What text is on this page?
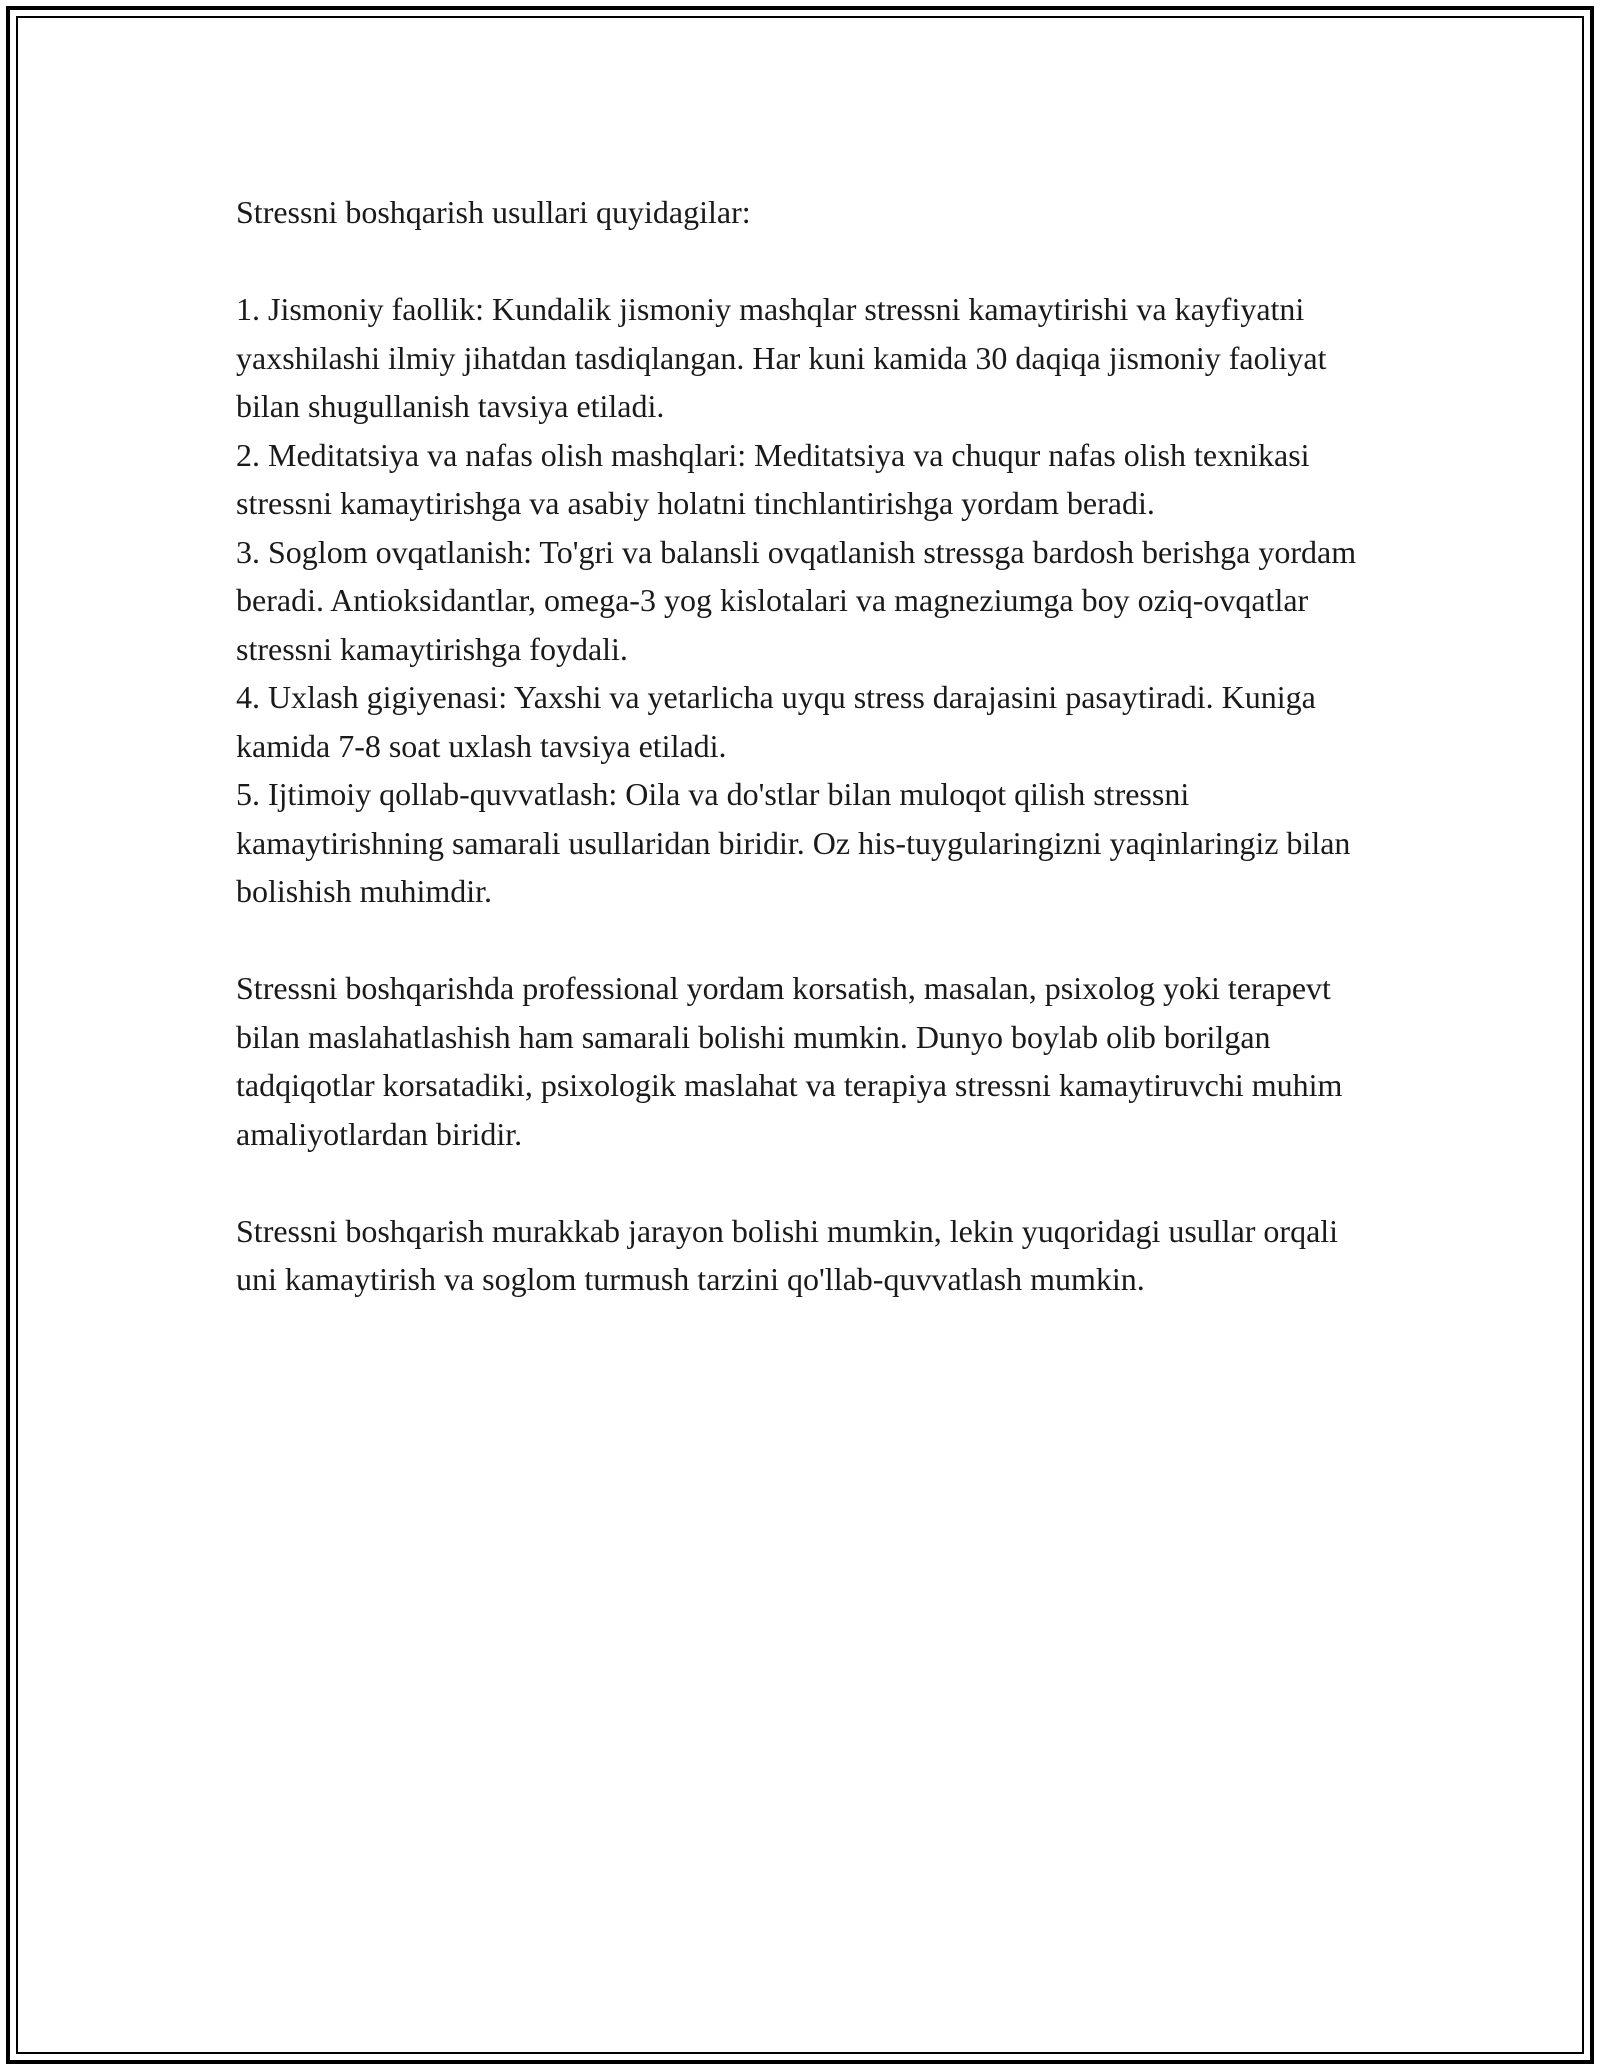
Stressni boshqarish usullari quyidagilar:

1. Jismoniy faollik: Kundalik jismoniy mashqlar stressni kamaytirishi va kayfiyatni yaxshilashi ilmiy jihatdan tasdiqlangan. Har kuni kamida 30 daqiqa jismoniy faoliyat bilan shugullanish tavsiya etiladi.

2. Meditatsiya va nafas olish mashqlari: Meditatsiya va chuqur nafas olish texnikasi stressni kamaytirishga va asabiy holatni tinchlantirishga yordam beradi.

3. Soglom ovqatlanish: To'gri va balansli ovqatlanish stressga bardosh berishga yordam beradi. Antioksidantlar, omega-3 yog kislotalari va magneziumga boy oziq-ovqatlar stressni kamaytirishga foydali.

4. Uxlash gigiyenasi: Yaxshi va yetarlicha uyqu stress darajasini pasaytiradi. Kuniga kamida 7-8 soat uxlash tavsiya etiladi.

5. Ijtimoiy qollab-quvvatlash: Oila va do'stlar bilan muloqot qilish stressni kamaytirishning samarali usullaridan biridir. Oz his-tuygularingizni yaqinlaringiz bilan bolishish muhimdir.

Stressni boshqarishda professional yordam korsatish, masalan, psixolog yoki terapevt bilan maslahatlashish ham samarali bolishi mumkin. Dunyo boylab olib borilgan tadqiqotlar korsatadiki, psixologik maslahat va terapiya stressni kamaytiruvchi muhim amaliyotlardan biridir.

Stressni boshqarish murakkab jarayon bolishi mumkin, lekin yuqoridagi usullar orqali uni kamaytirish va soglom turmush tarzini qo'llab-quvvatlash mumkin.
